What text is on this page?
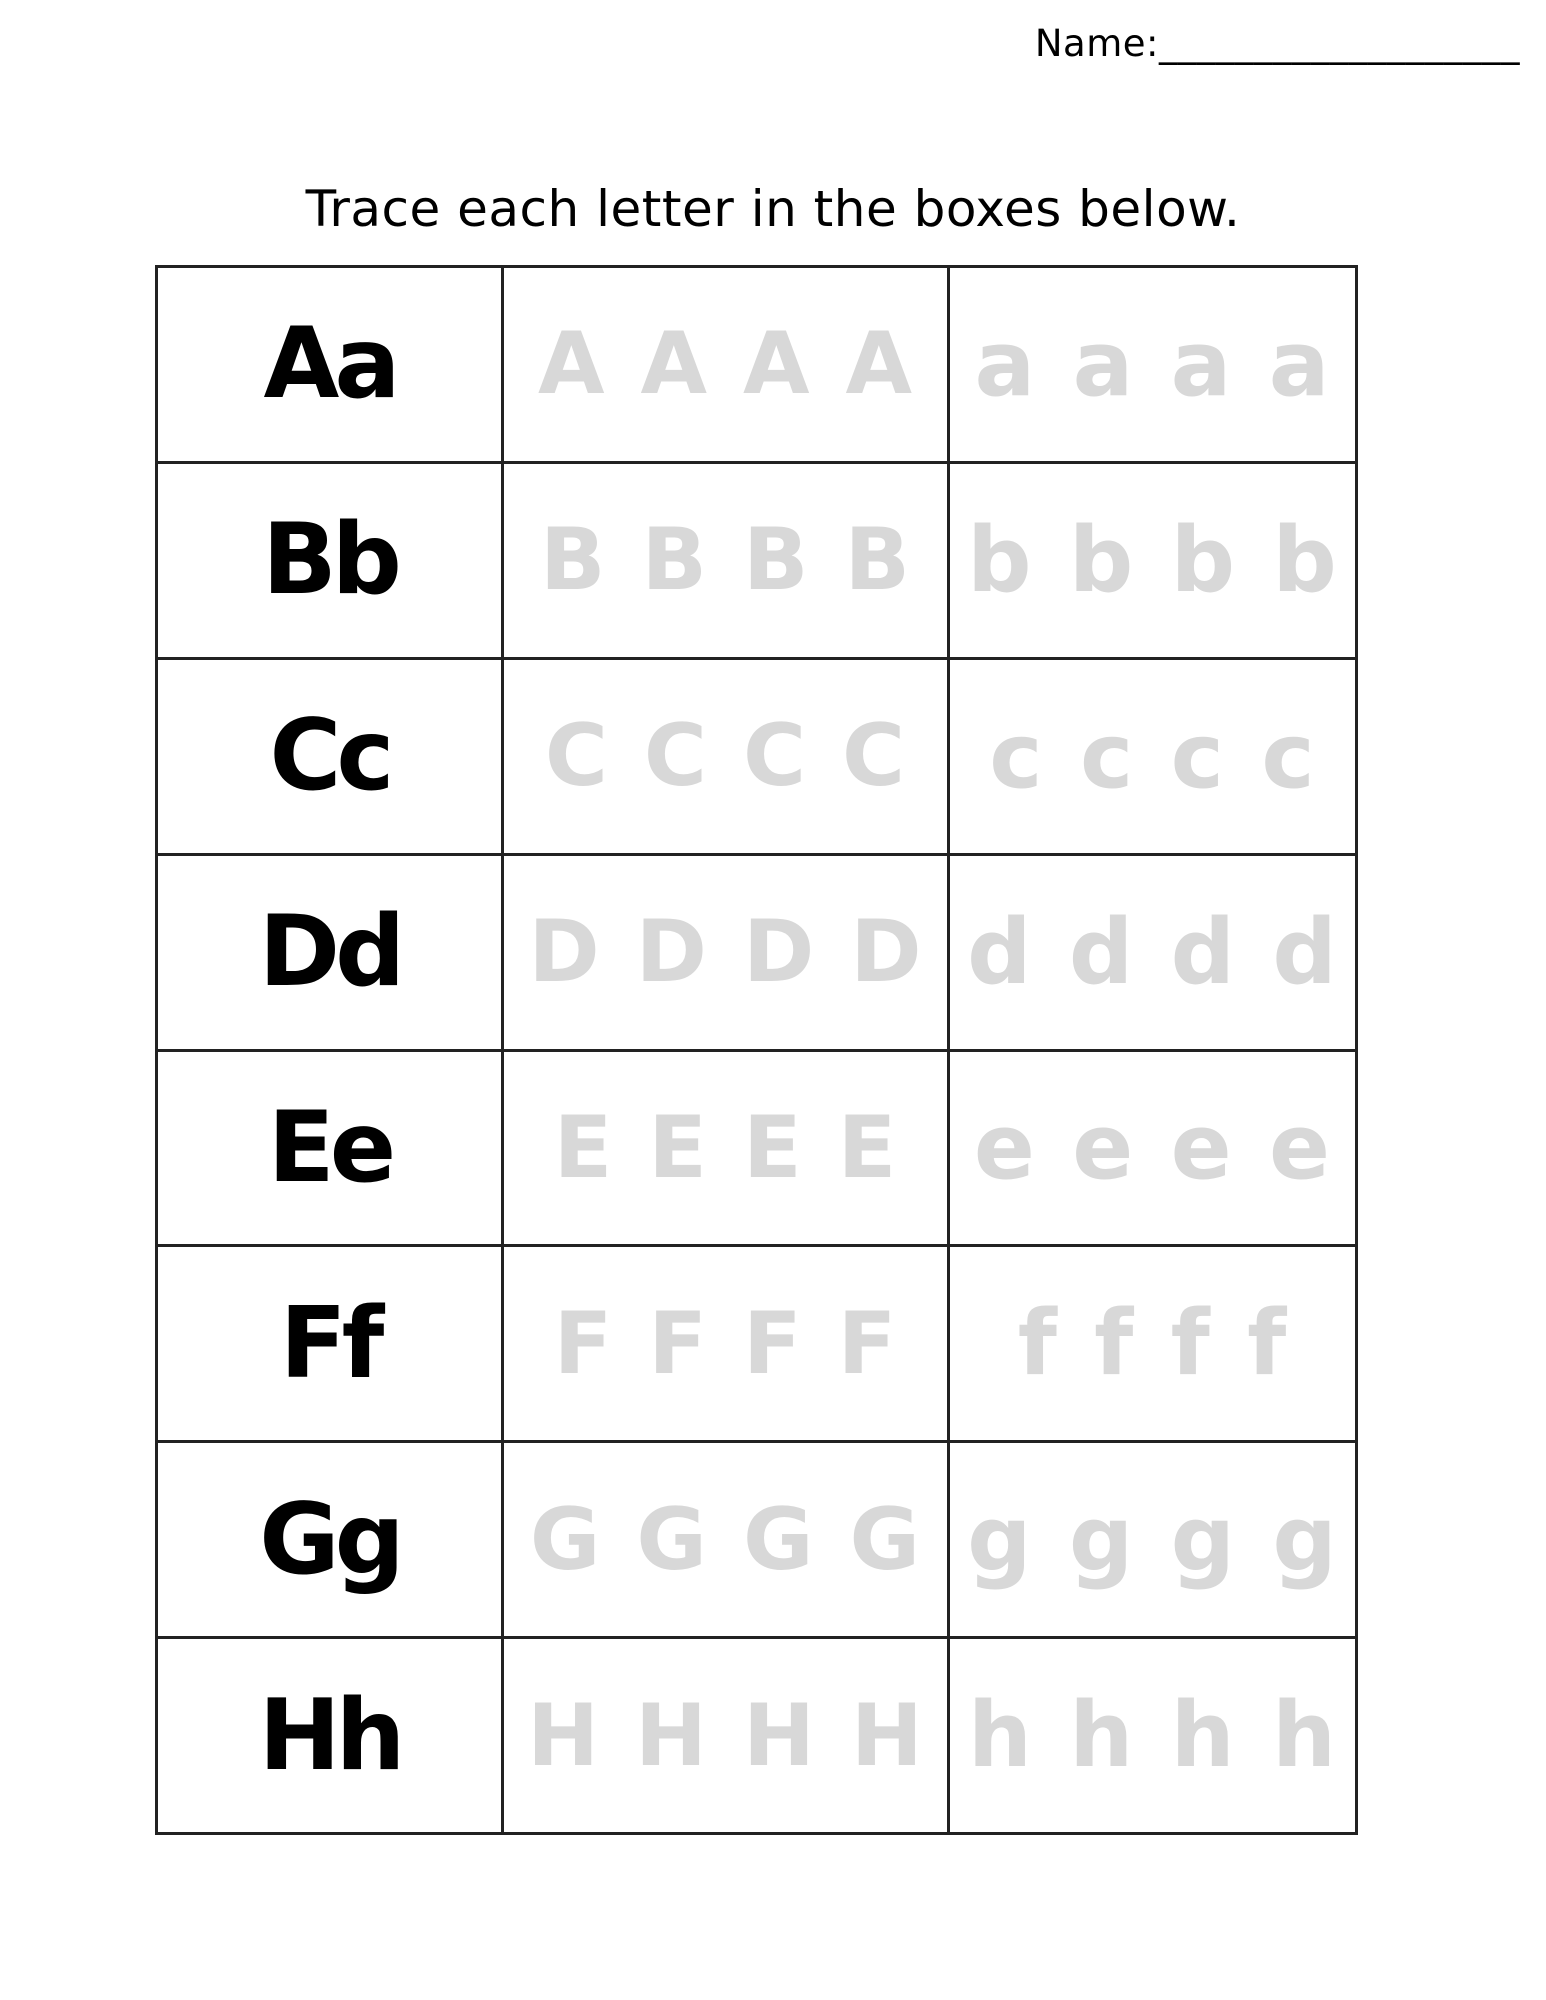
Name:___________________
Trace each letter in the boxes below.
Aa	A A A A	a a a a
Bb	B B B B	b b b b
Cc	C C C C	c c c c
Dd	D D D D	d d d d
Ee	E E E E	e e e e
Ff	F F F F	f f f f
Gg	G G G G	g g g g
Hh	H H H H	h h h h
